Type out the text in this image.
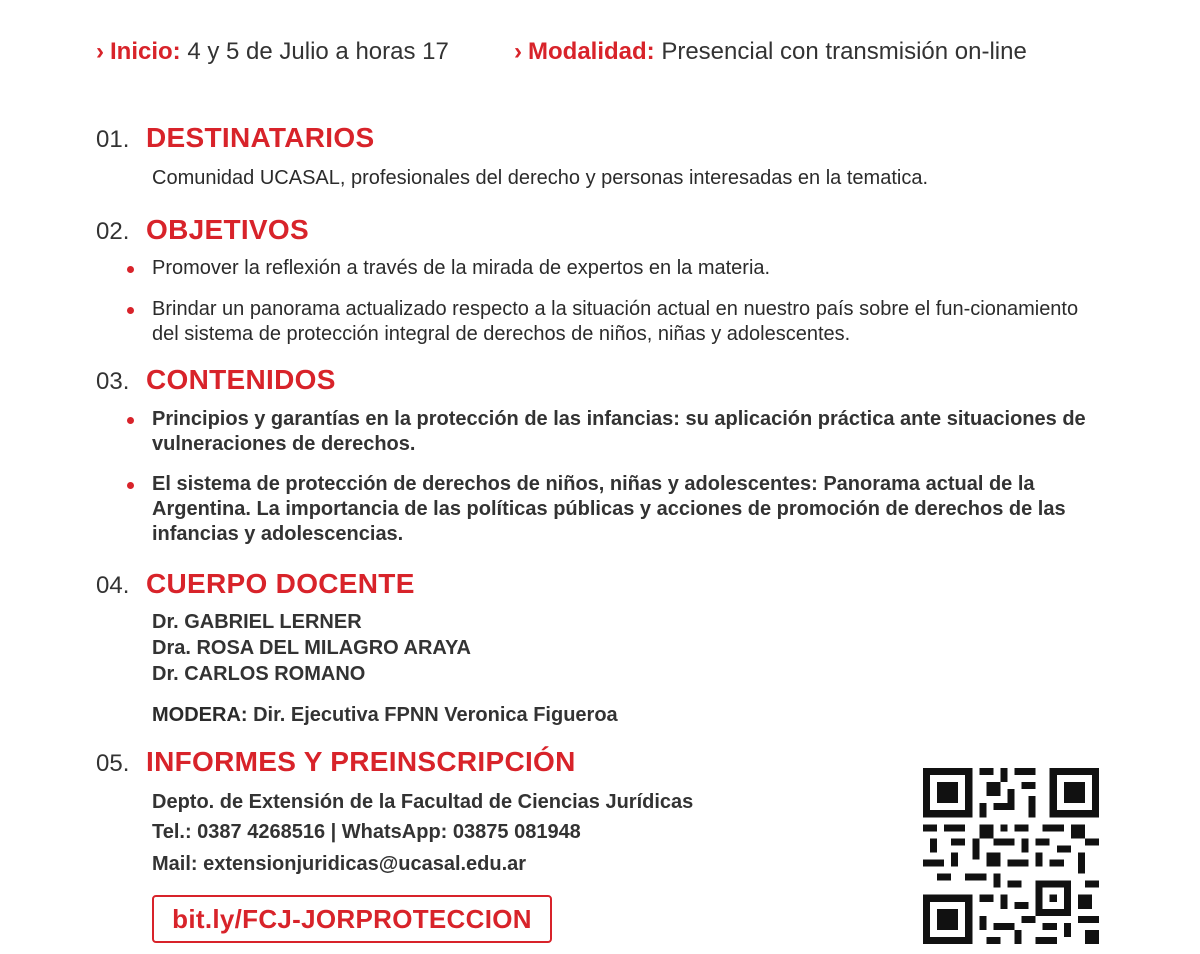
› Inicio: 4 y 5 de Julio a horas 17	› Modalidad: Presencial con transmisión on-line
01. DESTINATARIOS
Comunidad UCASAL, profesionales del derecho y personas interesadas en la tematica.
02. OBJETIVOS
Promover la reflexión a través de la mirada de expertos en la materia.
Brindar un panorama actualizado respecto a la situación actual en nuestro país sobre el fun-cionamiento del sistema de protección integral de derechos de niños, niñas y adolescentes.
03. CONTENIDOS
Principios y garantías en la protección de las infancias: su aplicación práctica ante situaciones de vulneraciones de derechos.
El sistema de protección de derechos de niños, niñas y adolescentes: Panorama actual de la Argentina. La importancia de las políticas públicas y acciones de promoción de derechos de las infancias y adolescencias.
04. CUERPO DOCENTE
Dr. GABRIEL LERNER
Dra. ROSA DEL MILAGRO ARAYA
Dr. CARLOS ROMANO
MODERA: Dir. Ejecutiva FPNN Veronica Figueroa
05. INFORMES Y PREINSCRIPCIÓN
Depto. de Extensión de la Facultad de Ciencias Jurídicas
Tel.: 0387 4268516 | WhatsApp: 03875 081948
Mail: extensionjuridicas@ucasal.edu.ar
bit.ly/FCJ-JORPROTECCION
